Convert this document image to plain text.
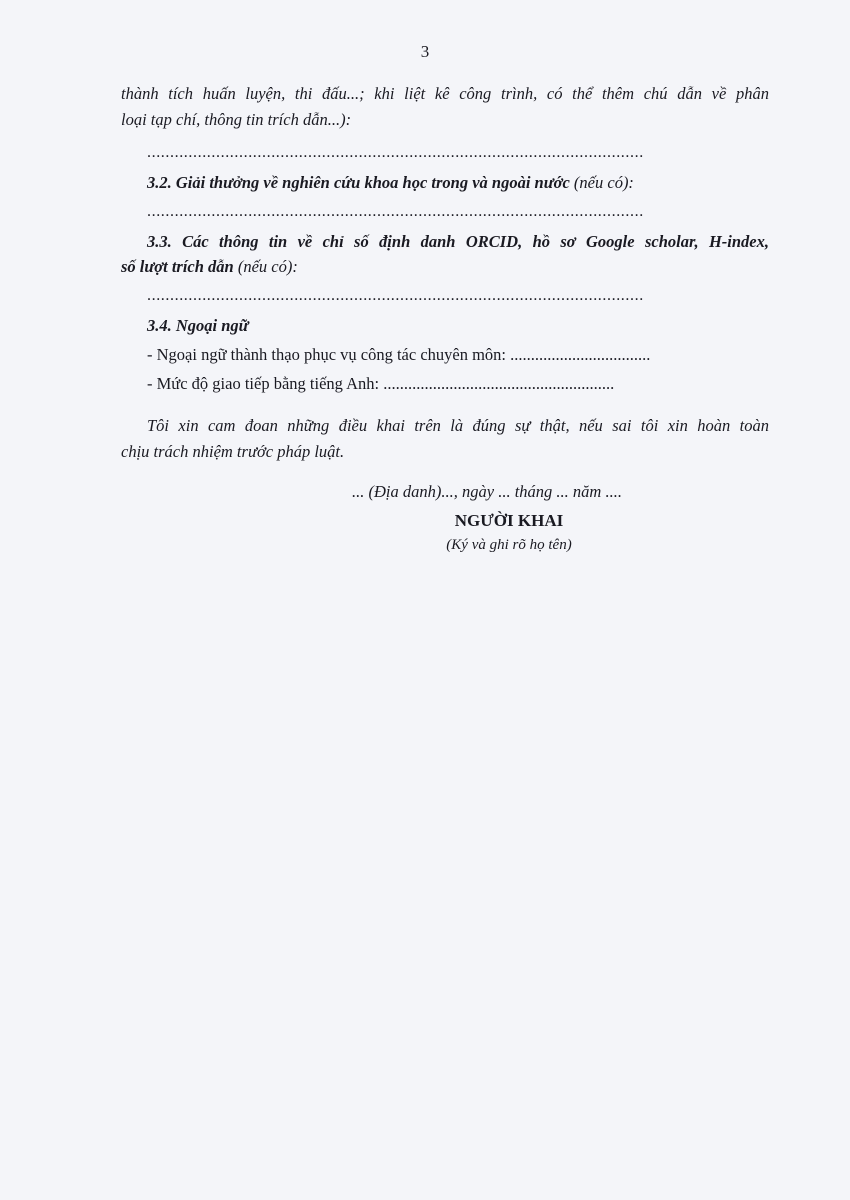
3
thành tích huấn luyện, thi đấu...; khi liệt kê công trình, có thể thêm chú dẫn về phân
loại tạp chí, thông tin trích dẫn...):
............................................................................................................
3.2. Giải thưởng về nghiên cứu khoa học trong và ngoài nước (nếu có):
............................................................................................................
3.3. Các thông tin về chỉ số định danh ORCID, hồ sơ Google scholar, H-index,
số lượt trích dẫn (nếu có):
............................................................................................................
3.4. Ngoại ngữ
- Ngoại ngữ thành thạo phục vụ công tác chuyên môn: ..................................
- Mức độ giao tiếp bằng tiếng Anh: ........................................................
Tôi xin cam đoan những điều khai trên là đúng sự thật, nếu sai tôi xin hoàn toàn
chịu trách nhiệm trước pháp luật.
... (Địa danh)..., ngày ... tháng ... năm ....
NGƯỜI KHAI
(Ký và ghi rõ họ tên)
